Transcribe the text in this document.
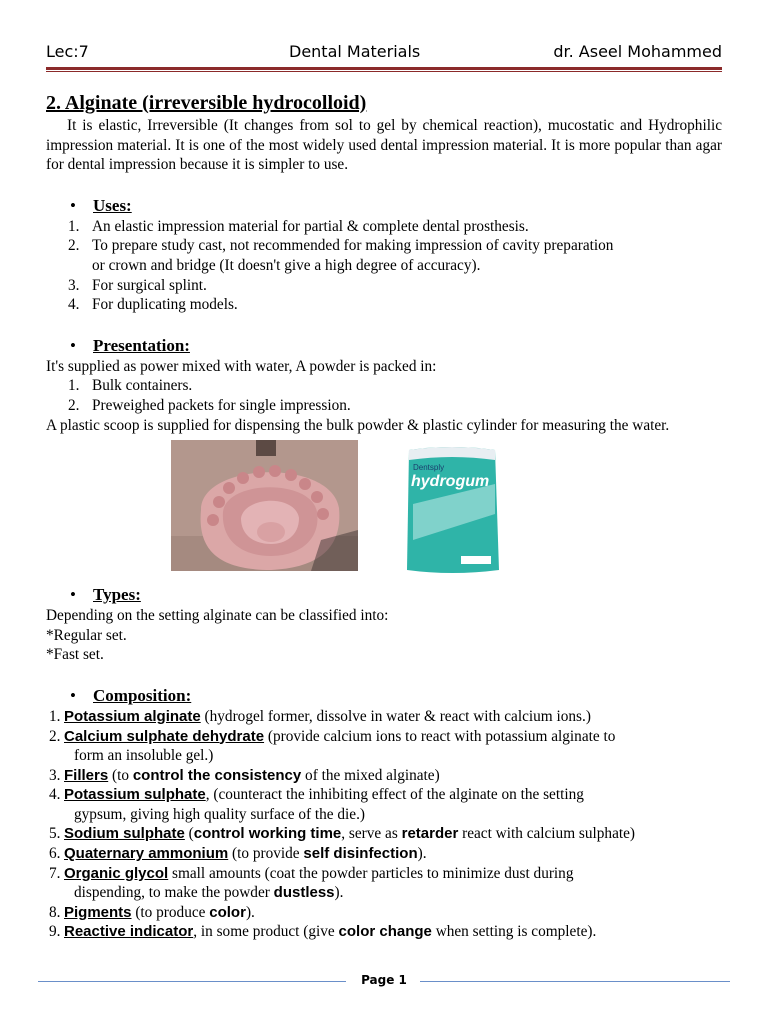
Lec:7	Dental Materials	dr. Aseel Mohammed

2. Alginate (irreversible hydrocolloid)

It is elastic, Irreversible (It changes from sol to gel by chemical reaction), mucostatic and Hydrophilic impression material. It is one of the most widely used dental impression material. It is more popular than agar for dental impression because it is simpler to use.

• Uses:
1. An elastic impression material for partial & complete dental prosthesis.
2. To prepare study cast, not recommended for making impression of cavity preparation
or crown and bridge (It doesn't give a high degree of accuracy).
3. For surgical splint.
4. For duplicating models.
• Presentation:

It's supplied as power mixed with water, A powder is packed in:

1. Bulk containers.
2. Preweighed packets for single impression.

A plastic scoop is supplied for dispensing the bulk powder & plastic cylinder for measuring the water.

Dentsply
hydrogum
• Types:

Depending on the setting alginate can be classified into:

*Regular set.

*Fast set.

• Composition:
1. Potassium alginate (hydrogel former, dissolve in water & react with calcium ions.)
2. Calcium sulphate dehydrate (provide calcium ions to react with potassium alginate to
form an insoluble gel.)
3. Fillers (to control the consistency of the mixed alginate)
4. Potassium sulphate, (counteract the inhibiting effect of the alginate on the setting
gypsum, giving high quality surface of the die.)
5. Sodium sulphate (control working time, serve as retarder react with calcium sulphate)
6. Quaternary ammonium (to provide self disinfection).
7. Organic glycol small amounts (coat the powder particles to minimize dust during
dispending, to make the powder dustless).
8. Pigments (to produce color).
9. Reactive indicator, in some product (give color change when setting is complete).
Page 1
